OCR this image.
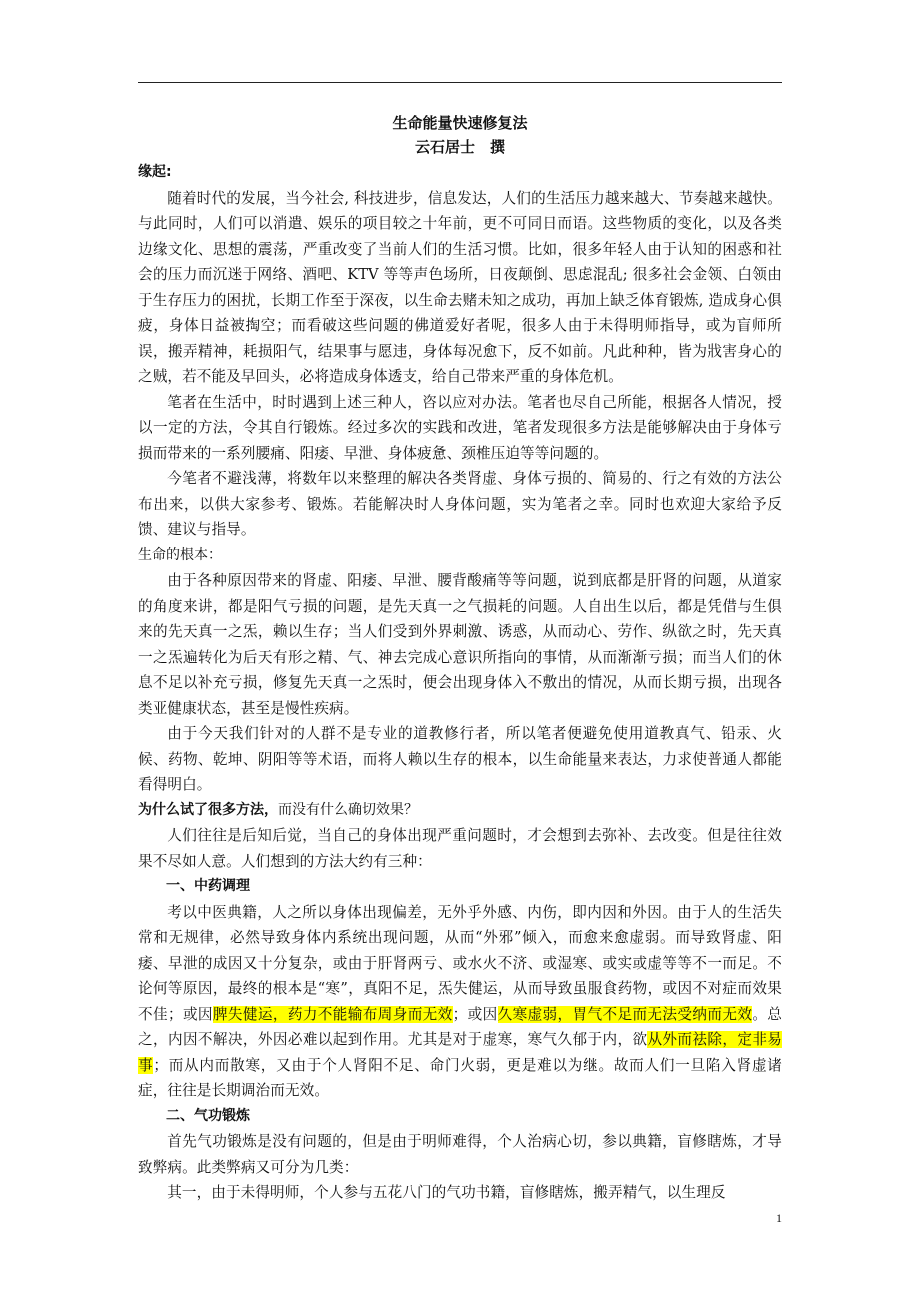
生命能量快速修复法

云石居士　撰

缘起:

随着时代的发展，当今社会, 科技进步，信息发达，人们的生活压力越来越大、节奏越来越快。与此同时，人们可以消遣、娱乐的项目较之十年前，更不可同日而语。这些物质的变化，以及各类边缘文化、思想的震荡，严重改变了当前人们的生活习惯。比如，很多年轻人由于认知的困惑和社会的压力而沉迷于网络、酒吧、KTV 等等声色场所，日夜颠倒、思虑混乱; 很多社会金领、白领由于生存压力的困扰，长期工作至于深夜，以生命去赌未知之成功，再加上缺乏体育锻炼, 造成身心俱疲，身体日益被掏空；而看破这些问题的佛道爱好者呢，很多人由于未得明师指导，或为盲师所误，搬弄精神，耗损阳气，结果事与愿违，身体每况愈下，反不如前。凡此种种，皆为戕害身心的之贼，若不能及早回头，必将造成身体透支，给自己带来严重的身体危机。

笔者在生活中，时时遇到上述三种人，咨以应对办法。笔者也尽自己所能，根据各人情况，授以一定的方法，令其自行锻炼。经过多次的实践和改进，笔者发现很多方法是能够解决由于身体亏损而带来的一系列腰痛、阳痿、早泄、身体疲惫、颈椎压迫等等问题的。

今笔者不避浅薄，将数年以来整理的解决各类肾虚、身体亏损的、简易的、行之有效的方法公布出来，以供大家参考、锻炼。若能解决时人身体问题，实为笔者之幸。同时也欢迎大家给予反馈、建议与指导。

生命的根本：

由于各种原因带来的肾虚、阳痿、早泄、腰背酸痛等等问题，说到底都是肝肾的问题，从道家的角度来讲，都是阳气亏损的问题，是先天真一之气损耗的问题。人自出生以后，都是凭借与生俱来的先天真一之炁，赖以生存；当人们受到外界刺激、诱惑，从而动心、劳作、纵欲之时，先天真一之炁遍转化为后天有形之精、气、神去完成心意识所指向的事情，从而渐渐亏损；而当人们的休息不足以补充亏损，修复先天真一之炁时，便会出现身体入不敷出的情况，从而长期亏损，出现各类亚健康状态，甚至是慢性疾病。

由于今天我们针对的人群不是专业的道教修行者，所以笔者便避免使用道教真气、铅汞、火候、药物、乾坤、阴阳等等术语，而将人赖以生存的根本，以生命能量来表达，力求使普通人都能看得明白。

为什么试了很多方法，而没有什么确切效果？

人们往往是后知后觉，当自己的身体出现严重问题时，才会想到去弥补、去改变。但是往往效果不尽如人意。人们想到的方法大约有三种：

一、中药调理

考以中医典籍，人之所以身体出现偏差，无外乎外感、内伤，即内因和外因。由于人的生活失常和无规律，必然导致身体内系统出现问题，从而“外邪”倾入，而愈来愈虚弱。而导致肾虚、阳痿、早泄的成因又十分复杂，或由于肝肾两亏、或水火不济、或湿寒、或实或虚等等不一而足。不论何等原因，最终的根本是“寒”，真阳不足，炁失健运，从而导致虽服食药物，或因不对症而效果不佳；或因脾失健运，药力不能输布周身而无效；或因久寒虚弱，胃气不足而无法受纳而无效。总之，内因不解决，外因必难以起到作用。尤其是对于虚寒，寒气久郁于内，欲从外而祛除，定非易事；而从内而散寒，又由于个人肾阳不足、命门火弱，更是难以为继。故而人们一旦陷入肾虚诸症，往往是长期调治而无效。

二、气功锻炼

首先气功锻炼是没有问题的，但是由于明师难得，个人治病心切，参以典籍，盲修瞎炼，才导致弊病。此类弊病又可分为几类：

其一，由于未得明师，个人参与五花八门的气功书籍，盲修瞎炼，搬弄精气，以生理反

1
